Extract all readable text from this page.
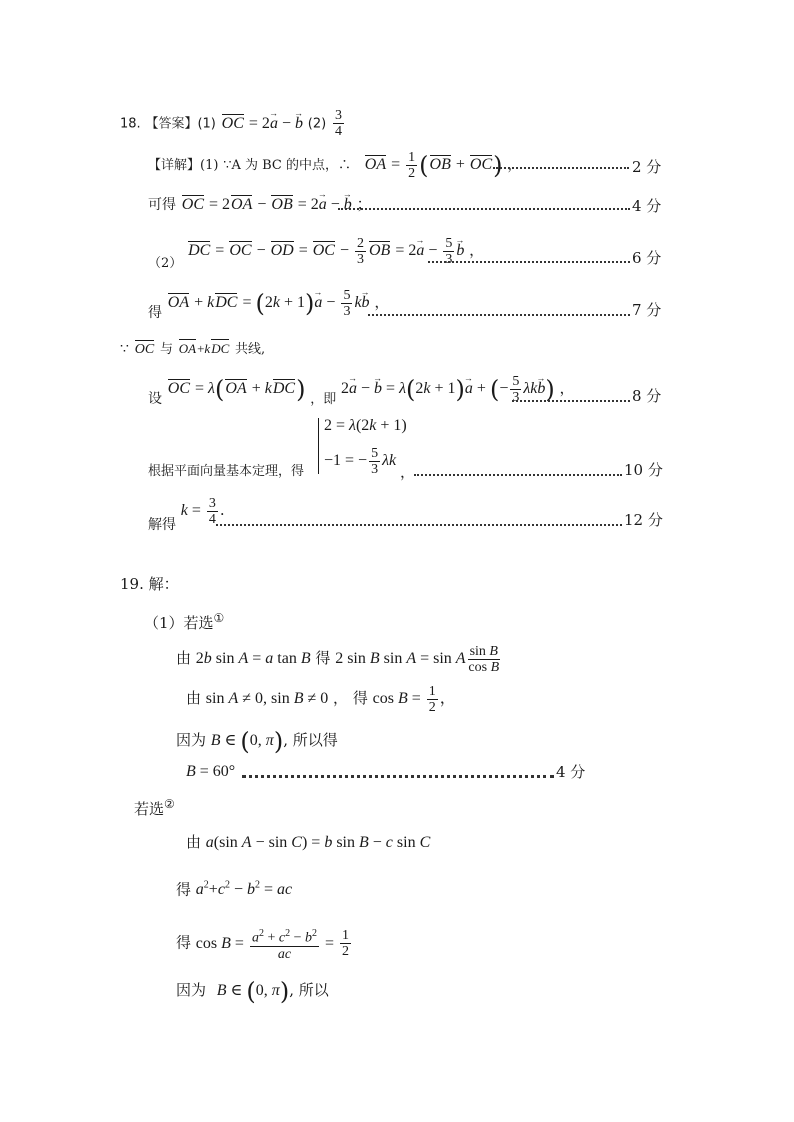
18. 【答案】(1) OC = 2→ a − → b $(2) \frac{3}{4}$
【详解】(1) ∵A 为 BC 的中点，∴ OA = $\frac{1}{2} (OB + OC)$ ，	2 分
可得 OC = 2OA − OB = 2→ a − → b ；	4 分
（2） DC = OC − OD = OC − $\frac{2}{3}$ OB = $2\to a - \frac{5}{3}$
→ b ，	6 分
得 OA + kDC = $(2k + 1)\to a - \frac{5}{3} k\to b$ ，	7 分
∵ OC 与 OA+kDC 共线,
设 OC = λ(OA + kDC) ，即 2→ a − → b = λ(2k + 1)→ a + (− $\frac{5}{3} \lambda k\to b$) ，	8 分
根据平面向量基本定理，得
2 = λ(2k + 1)
−1 = − $\frac{5}{3}$ λk
，	10 分
解得 $k = \frac{3}{4}$ .
12 分
19. 解：
（1）若选①
由 2b sin A = a tan B 得 2 sin B sin A = sin A $\frac{\text{sin B}}{\text{cos B}}$
由 sin A ≠ 0, sin B ≠ 0 ， 得 $\cos B = \frac{1}{2}$ ，
因为 B ∈ (0, π), 所以得
B = 60°	4 分
若选②
由 a(sin A − sin C) = b sin B − c sin C
得 $a^2+c^2 - b^2$ = ac
得 $\cos B = \frac{a^2 + c^2 - b^2}{ac} = \frac{1}{2}$
因为 B ∈ (0, π), 所以
